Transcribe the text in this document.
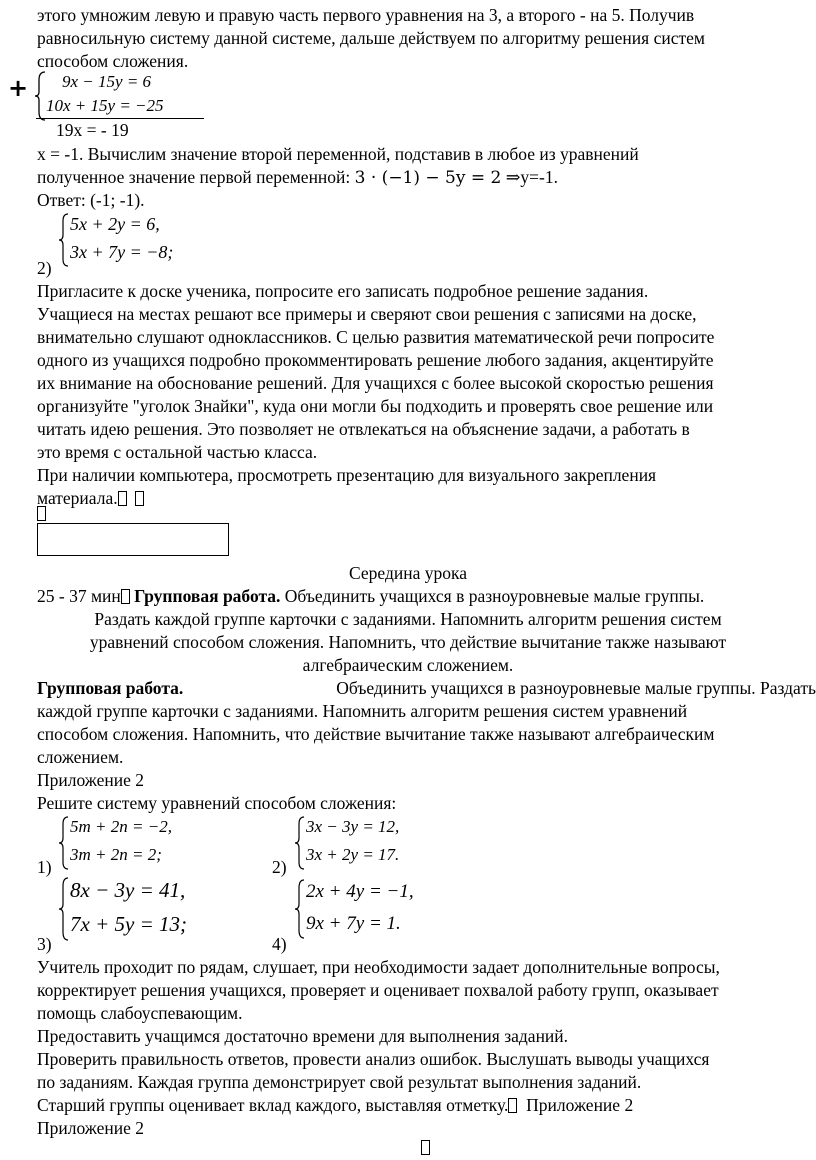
этого умножим левую и правую часть первого уравнения на 3, а второго - на 5. Получив
равносильную систему данной системе, дальше действуем по алгоритму решения систем
способом сложения.
+ 9x − 15y = 6
10x + 15y = −25
19x = - 19
x = -1. Вычислим значение второй переменной, подставив в любое из уравнений
полученное значение первой переменной: 3 · (−1) − 5y = 2 ⇒y=-1.
Ответ: (-1; -1).
5x + 2y = 6,
3x + 7y = −8;
2)
Пригласите к доске ученика, попросите его записать подробное решение задания.
Учащиеся на местах решают все примеры и сверяют свои решения с записями на доске,
внимательно слушают одноклассников. С целью развития математической речи попросите
одного из учащихся подробно прокомментировать решение любого задания, акцентируйте
их внимание на обоснование решений. Для учащихся с более высокой скоростью решения
организуйте "уголок Знайки", куда они могли бы подходить и проверять свое решение или
читать идею решения. Это позволяет не отвлекаться на объяснение задачи, а работать в
это время с остальной частью класса.
При наличии компьютера, просмотреть презентацию для визуального закрепления
материала.
Середина урока
25 - 37 мин Групповая работа. Объединить учащихся в разноуровневые малые группы.
Раздать каждой группе карточки с заданиями. Напомнить алгоритм решения систем
уравнений способом сложения. Напомнить, что действие вычитание также называют
алгебраическим сложением.
Групповая работа.	Объединить учащихся в разноуровневые малые группы. Раздать
каждой группе карточки с заданиями. Напомнить алгоритм решения систем уравнений
способом сложения. Напомнить, что действие вычитание также называют алгебраическим
сложением.
Приложение 2
Решите систему уравнений способом сложения:
5m + 2n = −2,
3m + 2n = 2;
1)
3x − 3y = 12,
3x + 2y = 17.
2)
8x − 3y = 41,
7x + 5y = 13;
3)
2x + 4y = −1,
9x + 7y = 1.
4)
Учитель проходит по рядам, слушает, при необходимости задает дополнительные вопросы,
корректирует решения учащихся, проверяет и оценивает похвалой работу групп, оказывает
помощь слабоуспевающим.
Предоставить учащимся достаточно времени для выполнения заданий.
Проверить правильность ответов, провести анализ ошибок. Выслушать выводы учащихся
по заданиям. Каждая группа демонстрирует свой результат выполнения заданий.
Старший группы оценивает вклад каждого, выставляя отметку. Приложение 2
Приложение 2
